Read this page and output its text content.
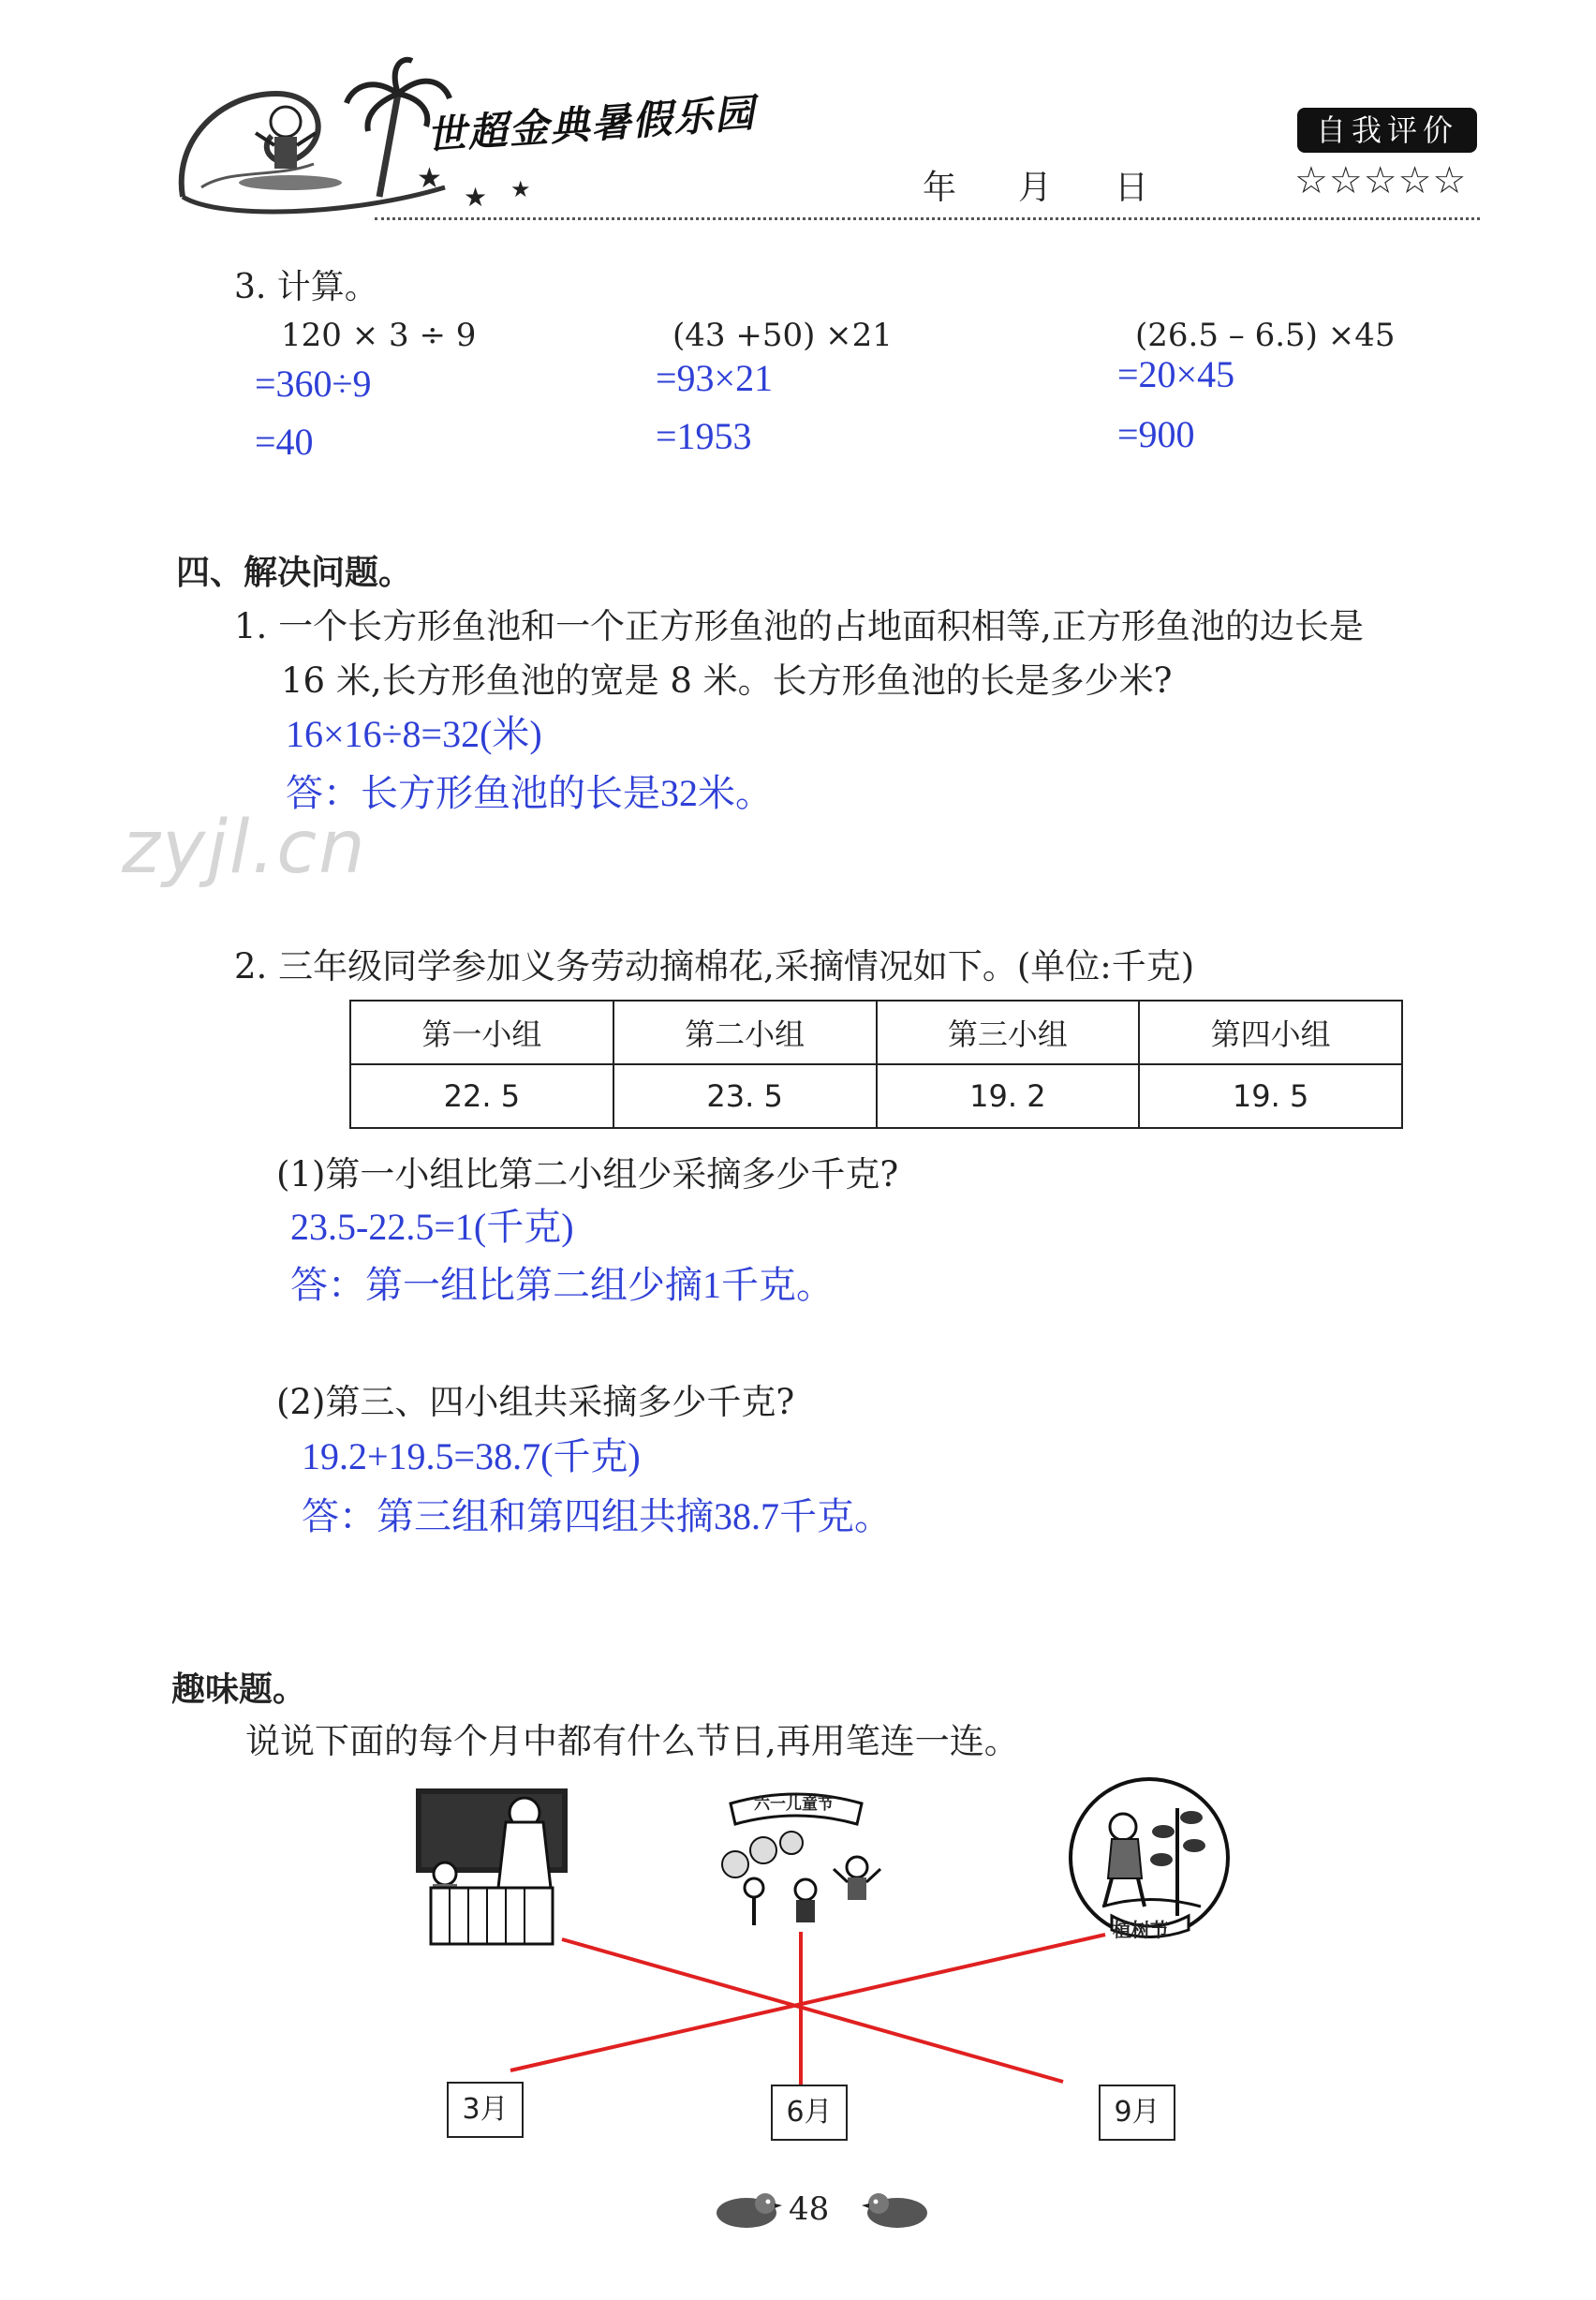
★
★ ★
世超金典暑假乐园
年 月 日
自我评价
☆☆☆☆☆
3. 计算。
120 × 3 ÷ 9
=360÷9
=40
(43 +50) ×21
=93×21
=1953
(26.5 – 6.5) ×45
=20×45
=900
四、解决问题。
1. 一个长方形鱼池和一个正方形鱼池的占地面积相等,正方形鱼池的边长是
16 米,长方形鱼池的宽是 8 米。长方形鱼池的长是多少米?
16×16÷8=32(米)
答：长方形鱼池的长是32米。
zyjl.cn
2. 三年级同学参加义务劳动摘棉花,采摘情况如下。(单位:千克)
第一小组	第二小组	第三小组	第四小组
22. 5	23. 5	19. 2	19. 5
(1)第一小组比第二小组少采摘多少千克?
23.5-22.5=1(千克)
答：第一组比第二组少摘1千克。
(2)第三、四小组共采摘多少千克?
19.2+19.5=38.7(千克)
答：第三组和第四组共摘38.7千克。
趣味题。
说说下面的每个月中都有什么节日,再用笔连一连。
六一儿童节
植树节
3月	6月	9月
48
